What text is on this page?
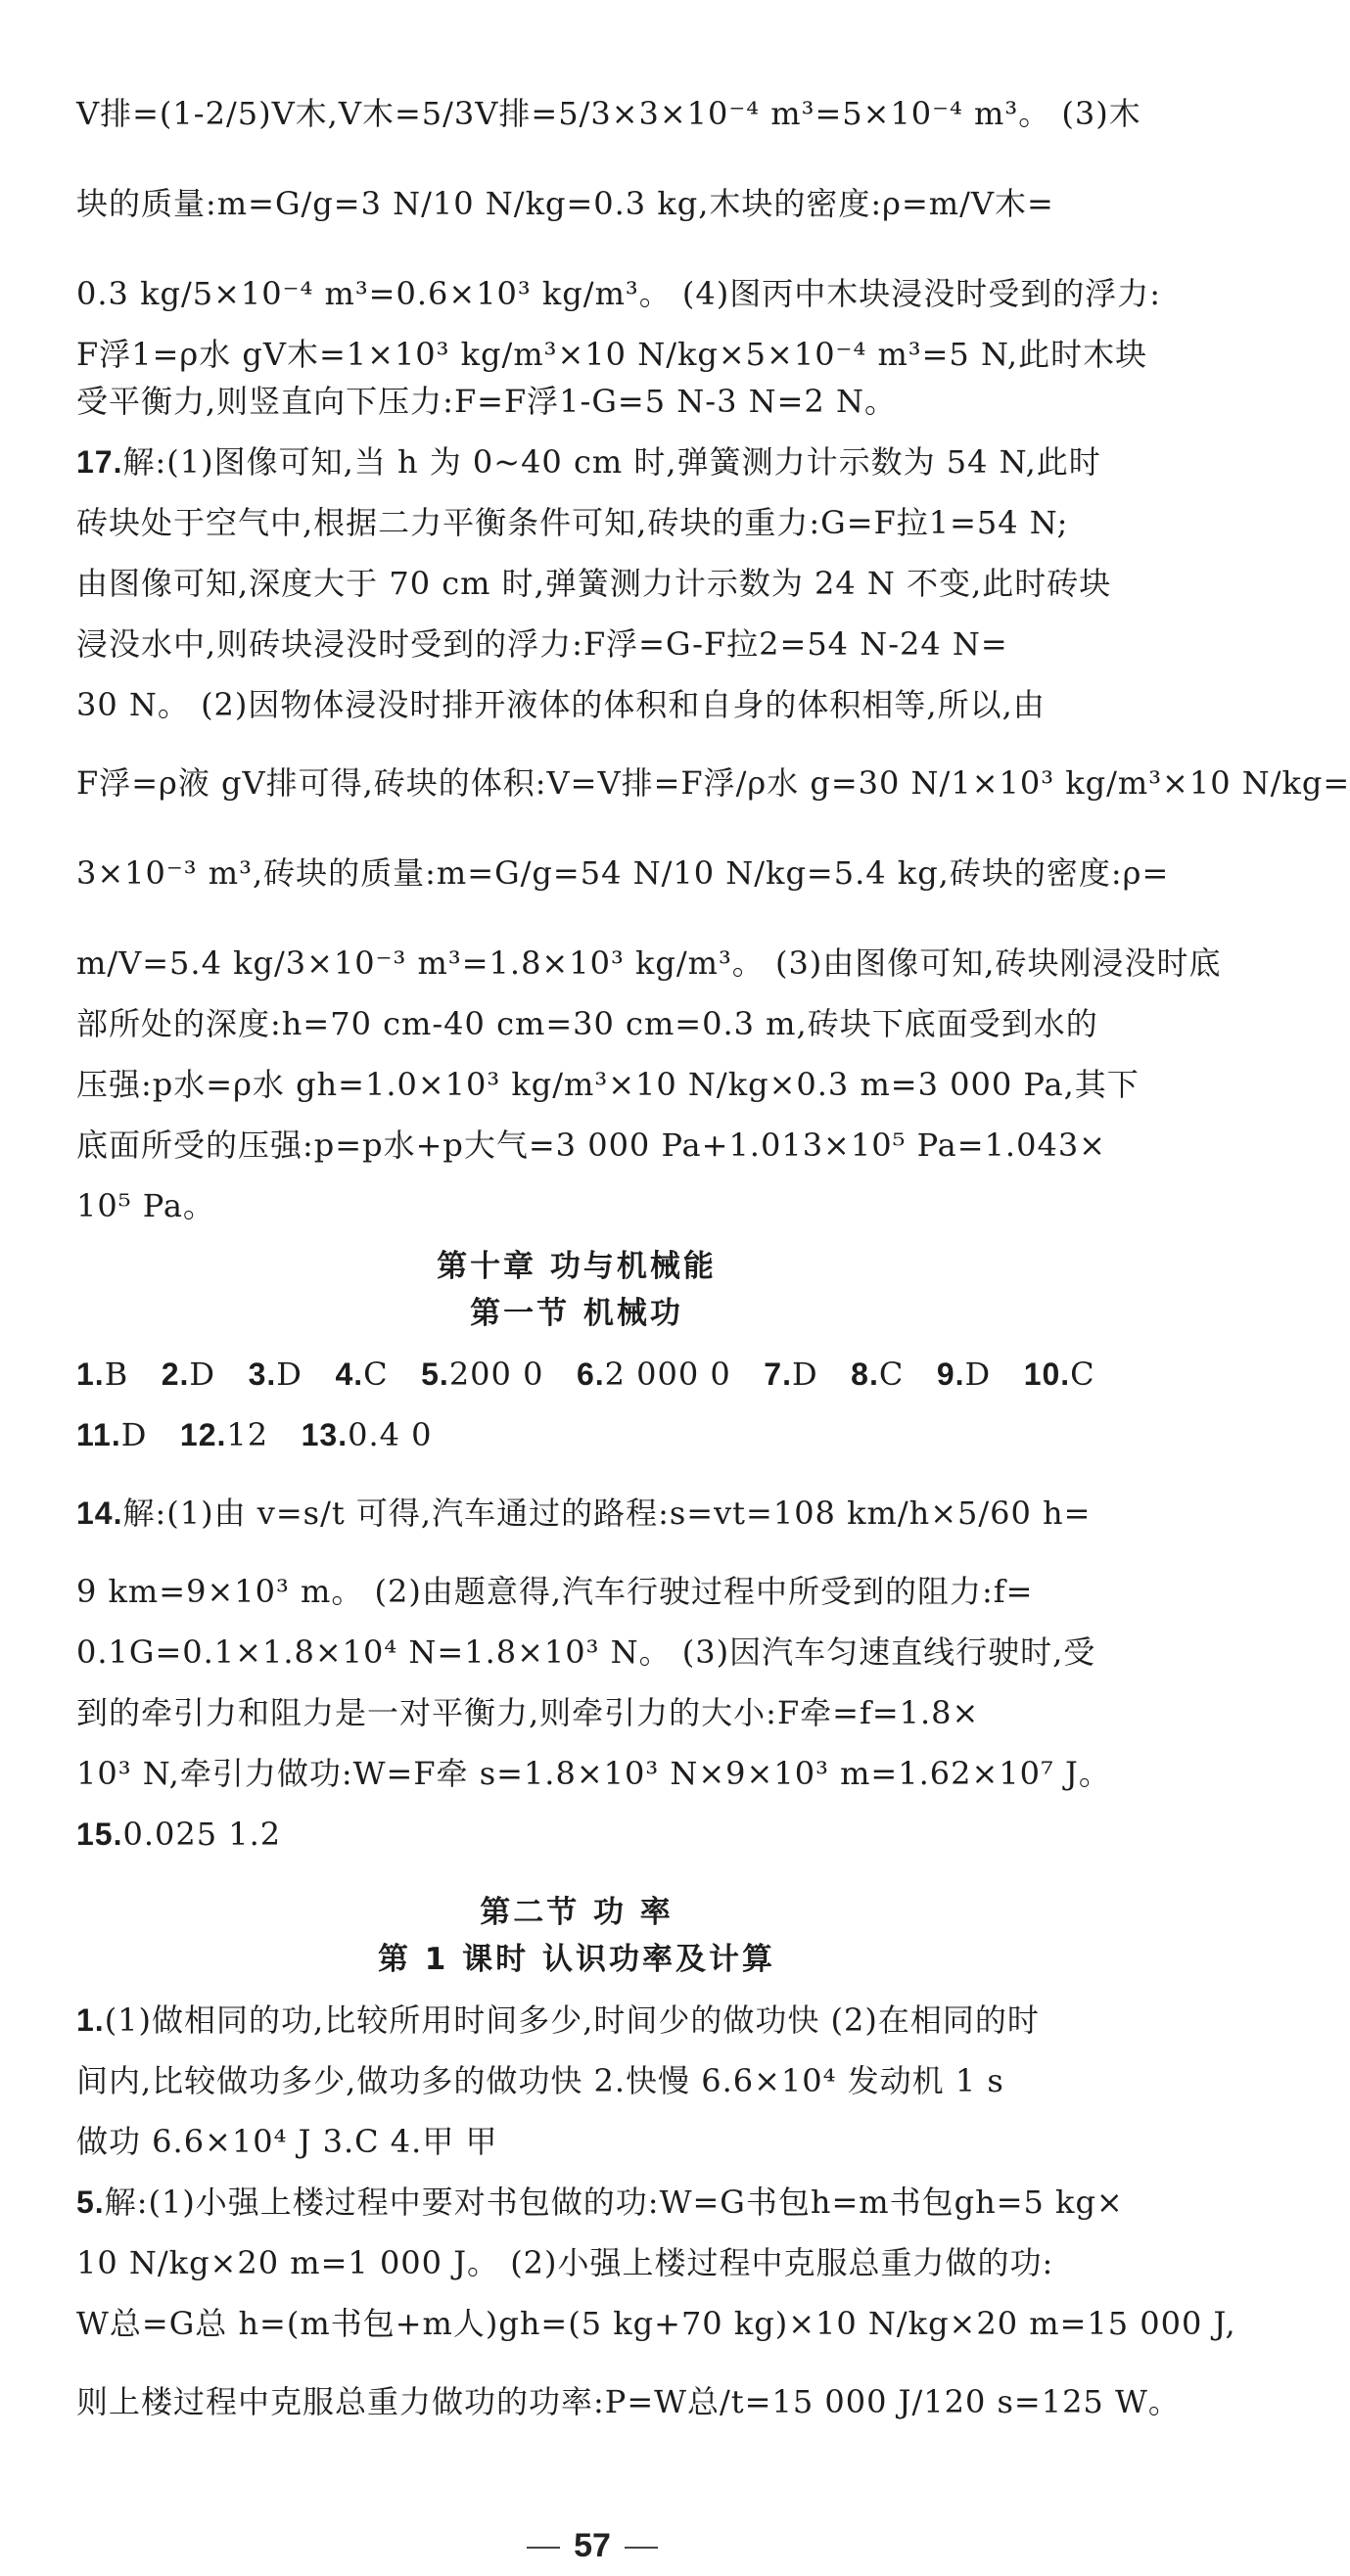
V排=(1-2/5)V木,V木=5/3V排=5/3×3×10⁻⁴ m³=5×10⁻⁴ m³。 (3)木
块的质量:m=G/g=3 N/10 N/kg=0.3 kg,木块的密度:ρ=m/V木=
0.3 kg/5×10⁻⁴ m³=0.6×10³ kg/m³。 (4)图丙中木块浸没时受到的浮力:
F浮1=ρ水 gV木=1×10³ kg/m³×10 N/kg×5×10⁻⁴ m³=5 N,此时木块
受平衡力,则竖直向下压力:F=F浮1-G=5 N-3 N=2 N。
17.解:(1)图像可知,当 h 为 0~40 cm 时,弹簧测力计示数为 54 N,此时
砖块处于空气中,根据二力平衡条件可知,砖块的重力:G=F拉1=54 N;
由图像可知,深度大于 70 cm 时,弹簧测力计示数为 24 N 不变,此时砖块
浸没水中,则砖块浸没时受到的浮力:F浮=G-F拉2=54 N-24 N=
30 N。 (2)因物体浸没时排开液体的体积和自身的体积相等,所以,由
F浮=ρ液 gV排可得,砖块的体积:V=V排=F浮/ρ水 g=30 N/1×10³ kg/m³×10 N/kg=
3×10⁻³ m³,砖块的质量:m=G/g=54 N/10 N/kg=5.4 kg,砖块的密度:ρ=
m/V=5.4 kg/3×10⁻³ m³=1.8×10³ kg/m³。 (3)由图像可知,砖块刚浸没时底
部所处的深度:h=70 cm-40 cm=30 cm=0.3 m,砖块下底面受到水的
压强:p水=ρ水 gh=1.0×10³ kg/m³×10 N/kg×0.3 m=3 000 Pa,其下
底面所受的压强:p=p水+p大气=3 000 Pa+1.013×10⁵ Pa=1.043×
10⁵ Pa。
第十章 功与机械能
第一节 机械功
1.B 2.D 3.D 4.C 5.200 0 6.2 000 0 7.D 8.C 9.D 10.C
11.D 12.12 13.0.4 0
14.解:(1)由 v=s/t 可得,汽车通过的路程:s=vt=108 km/h×5/60 h=
9 km=9×10³ m。 (2)由题意得,汽车行驶过程中所受到的阻力:f=
0.1G=0.1×1.8×10⁴ N=1.8×10³ N。 (3)因汽车匀速直线行驶时,受
到的牵引力和阻力是一对平衡力,则牵引力的大小:F牵=f=1.8×
10³ N,牵引力做功:W=F牵 s=1.8×10³ N×9×10³ m=1.62×10⁷ J。
15.0.025 1.2
第二节 功 率
第 1 课时 认识功率及计算
1.(1)做相同的功,比较所用时间多少,时间少的做功快 (2)在相同的时
间内,比较做功多少,做功多的做功快 2.快慢 6.6×10⁴ 发动机 1 s
做功 6.6×10⁴ J 3.C 4.甲 甲
5.解:(1)小强上楼过程中要对书包做的功:W=G书包h=m书包gh=5 kg×
10 N/kg×20 m=1 000 J。 (2)小强上楼过程中克服总重力做的功:
W总=G总 h=(m书包+m人)gh=(5 kg+70 kg)×10 N/kg×20 m=15 000 J,
则上楼过程中克服总重力做功的功率:P=W总/t=15 000 J/120 s=125 W。
57
